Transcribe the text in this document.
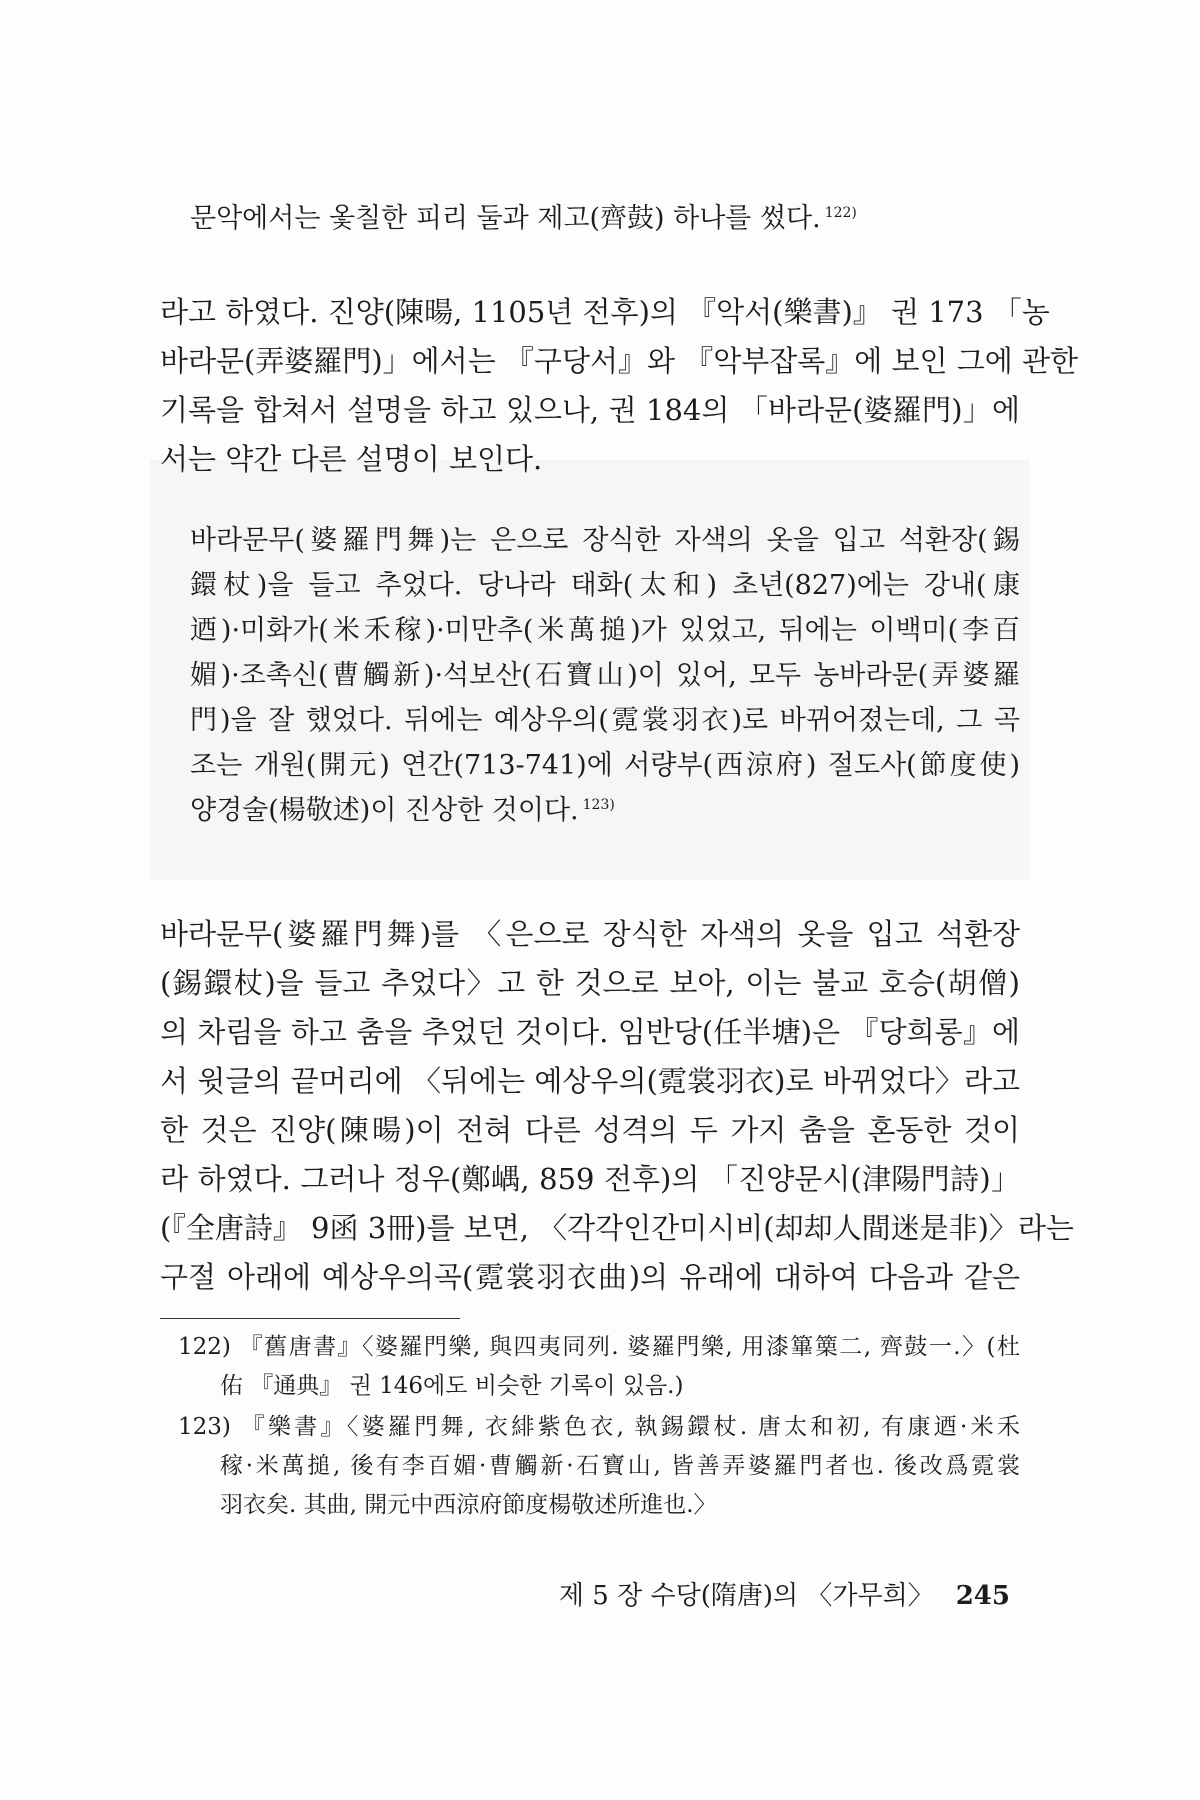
문악에서는 옻칠한 피리 둘과 제고(齊鼓) 하나를 썼다. $^{122)}$
라고 하였다. 진양(陳暘, 1105년 전후)의 『악서(樂書)』 권 173 「농
바라문(弄婆羅門)」에서는 『구당서』와 『악부잡록』에 보인 그에 관한
기록을 합쳐서 설명을 하고 있으나, 권 184의 「바라문(婆羅門)」에
서는 약간 다른 설명이 보인다.
바라문무(婆羅門舞)는 은으로 장식한 자색의 옷을 입고 석환장(錫
鐶杖)을 들고 추었다. 당나라 태화(太和) 초년(827)에는 강내(康
迺)·미화가(米禾稼)·미만추(米萬搥)가 있었고, 뒤에는 이백미(李百
媚)·조촉신(曹觸新)·석보산(石寶山)이 있어, 모두 농바라문(弄婆羅
門)을 잘 했었다. 뒤에는 예상우의(霓裳羽衣)로 바뀌어졌는데, 그 곡
조는 개원(開元) 연간(713-741)에 서량부(西涼府) 절도사(節度使)
양경술(楊敬述)이 진상한 것이다. $^{123)}$
바라문무(婆羅門舞)를 〈은으로 장식한 자색의 옷을 입고 석환장
(錫鐶杖)을 들고 추었다〉고 한 것으로 보아, 이는 불교 호승(胡僧)
의 차림을 하고 춤을 추었던 것이다. 임반당(任半塘)은 『당희롱』에
서 윗글의 끝머리에 〈뒤에는 예상우의(霓裳羽衣)로 바뀌었다〉라고
한 것은 진양(陳暘)이 전혀 다른 성격의 두 가지 춤을 혼동한 것이
라 하였다. 그러나 정우(鄭嵎, 859 전후)의 「진양문시(津陽門詩)」
(『全唐詩』 9函 3冊)를 보면, 〈각각인간미시비(却却人間迷是非)〉라는
구절 아래에 예상우의곡(霓裳羽衣曲)의 유래에 대하여 다음과 같은
122) 『舊唐書』〈婆羅門樂, 與四夷同列. 婆羅門樂, 用漆篳篥二, 齊鼓一.〉(杜
佑 『通典』 권 146에도 비슷한 기록이 있음.)
123) 『樂書』〈婆羅門舞, 衣緋紫色衣, 執錫鐶杖. 唐太和初, 有康迺·米禾
稼·米萬搥, 後有李百媚·曹觸新·石寶山, 皆善弄婆羅門者也. 後改爲霓裳
羽衣矣. 其曲, 開元中西涼府節度楊敬述所進也.〉
제 5 장 수당(隋唐)의 〈가무희〉 245
